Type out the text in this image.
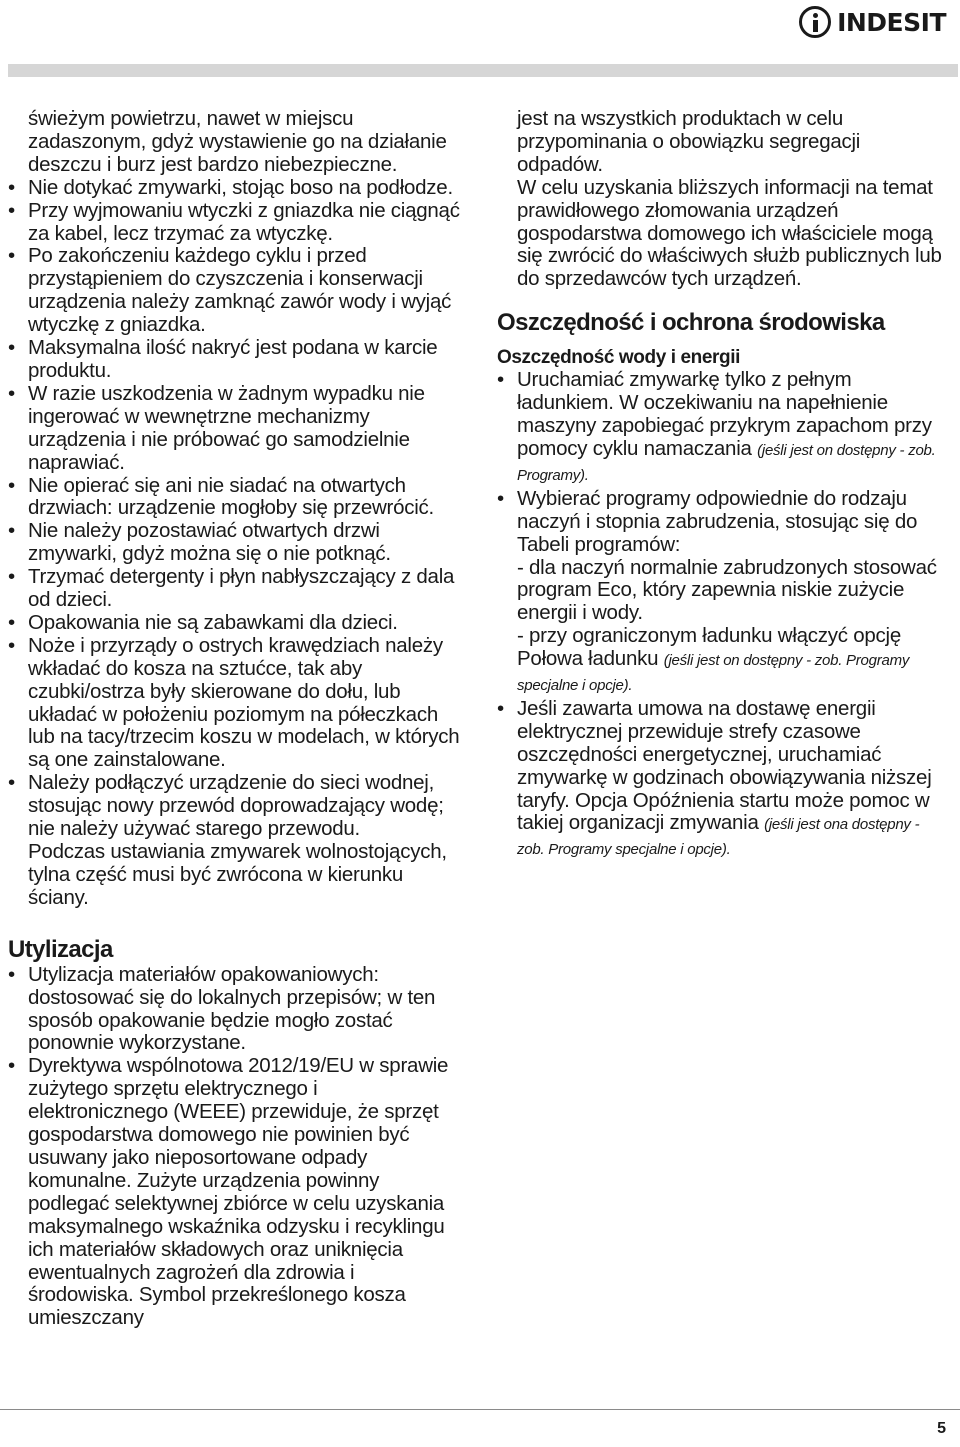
INDESIT

świeżym powietrzu, nawet w miejscu zadaszonym, gdyż wystawienie go na działanie deszczu i burz jest bardzo niebezpieczne.

• Nie dotykać zmywarki, stojąc boso na podłodze.
• Przy wyjmowaniu wtyczki z gniazdka nie ciągnąć za kabel, lecz trzymać za wtyczkę.
• Po zakończeniu każdego cyklu i przed przystąpieniem do czyszczenia i konserwacji urządzenia należy zamknąć zawór wody i wyjąć wtyczkę z gniazdka.
• Maksymalna ilość nakryć jest podana w karcie produktu.
• W razie uszkodzenia w żadnym wypadku nie ingerować w wewnętrzne mechanizmy urządzenia i nie próbować go samodzielnie naprawiać.
• Nie opierać się ani nie siadać na otwartych drzwiach: urządzenie mogłoby się przewrócić.
• Nie należy pozostawiać otwartych drzwi zmywarki, gdyż można się o nie potknąć.
• Trzymać detergenty i płyn nabłyszczający z dala od dzieci.
• Opakowania nie są zabawkami dla dzieci.
• Noże i przyrządy o ostrych krawędziach należy wkładać do kosza na sztućce, tak aby czubki/ostrza były skierowane do dołu, lub układać w położeniu poziomym na półeczkach lub na tacy/trzecim koszu w modelach, w których są one zainstalowane.
• Należy podłączyć urządzenie do sieci wodnej, stosując nowy przewód doprowadzający wodę; nie należy używać starego przewodu.

Podczas ustawiania zmywarek wolnostojących, tylna część musi być zwrócona w kierunku ściany.

Utylizacja
• Utylizacja materiałów opakowaniowych: dostosować się do lokalnych przepisów; w ten sposób opakowanie będzie mogło zostać ponownie wykorzystane.
• Dyrektywa wspólnotowa 2012/19/EU w sprawie zużytego sprzętu elektrycznego i elektronicznego (WEEE) przewiduje, że sprzęt gospodarstwa domowego nie powinien być usuwany jako nieposortowane odpady komunalne. Zużyte urządzenia powinny podlegać selektywnej zbiórce w celu uzyskania maksymalnego wskaźnika odzysku i recyklingu ich materiałów składowych oraz uniknięcia ewentualnych zagrożeń dla zdrowia i środowiska. Symbol przekreślonego kosza umieszczany

jest na wszystkich produktach w celu przypominania o obowiązku segregacji odpadów.

W celu uzyskania bliższych informacji na temat prawidłowego złomowania urządzeń gospodarstwa domowego ich właściciele mogą się zwrócić do właściwych służb publicznych lub do sprzedawców tych urządzeń.

Oszczędność i ochrona środowiska
Oszczędność wody i energii
• Uruchamiać zmywarkę tylko z pełnym ładunkiem. W oczekiwaniu na napełnienie maszyny zapobiegać przykrym zapachom przy pomocy cyklu namaczania (jeśli jest on dostępny - zob. Programy).
• Wybierać programy odpowiednie do rodzaju naczyń i stopnia zabrudzenia, stosując się do Tabeli programów:
- dla naczyń normalnie zabrudzonych stosować program Eco, który zapewnia niskie zużycie energii i wody.
- przy ograniczonym ładunku włączyć opcję Połowa ładunku (jeśli jest on dostępny - zob. Programy specjalne i opcje).
• Jeśli zawarta umowa na dostawę energii elektrycznej przewiduje strefy czasowe oszczędności energetycznej, uruchamiać zmywarkę w godzinach obowiązywania niższej taryfy. Opcja Opóźnienia startu może pomoc w takiej organizacji zmywania (jeśli jest ona dostępny - zob. Programy specjalne i opcje).
5
